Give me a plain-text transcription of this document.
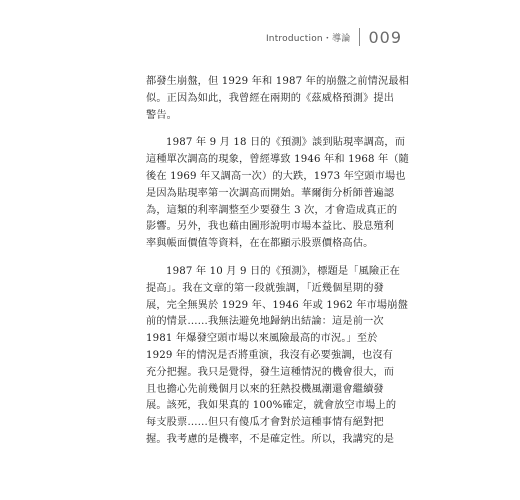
Introduction・導論 009

都發生崩盤，但 1929 年和 1987 年的崩盤之前情況最相
似。正因為如此，我曾經在兩期的《茲威格預測》提出
警告。

1987 年 9 月 18 日的《預測》談到貼現率調高，而
這種單次調高的現象，曾經導致 1946 年和 1968 年（隨
後在 1969 年又調高一次）的大跌，1973 年空頭市場也
是因為貼現率第一次調高而開始。華爾街分析師普遍認
為，這類的利率調整至少要發生 3 次，才會造成真正的
影響。另外，我也藉由圖形說明市場本益比、股息殖利
率與帳面價值等資料，在在都顯示股票價格高估。

1987 年 10 月 9 日的《預測》，標題是「風險正在
提高」。我在文章的第一段就強調，「近幾個星期的發
展，完全無異於 1929 年、1946 年或 1962 年市場崩盤
前的情景……我無法避免地歸納出結論：這是前一次
1981 年爆發空頭市場以來風險最高的市況。」至於
1929 年的情況是否將重演，我沒有必要強調，也沒有
充分把握。我只是覺得，發生這種情況的機會很大，而
且也擔心先前幾個月以來的狂熱投機風潮還會繼續發
展。該死，我如果真的 100%確定，就會放空市場上的
每支股票……但只有傻瓜才會對於這種事情有絕對把
握。我考慮的是機率，不是確定性。所以，我講究的是
